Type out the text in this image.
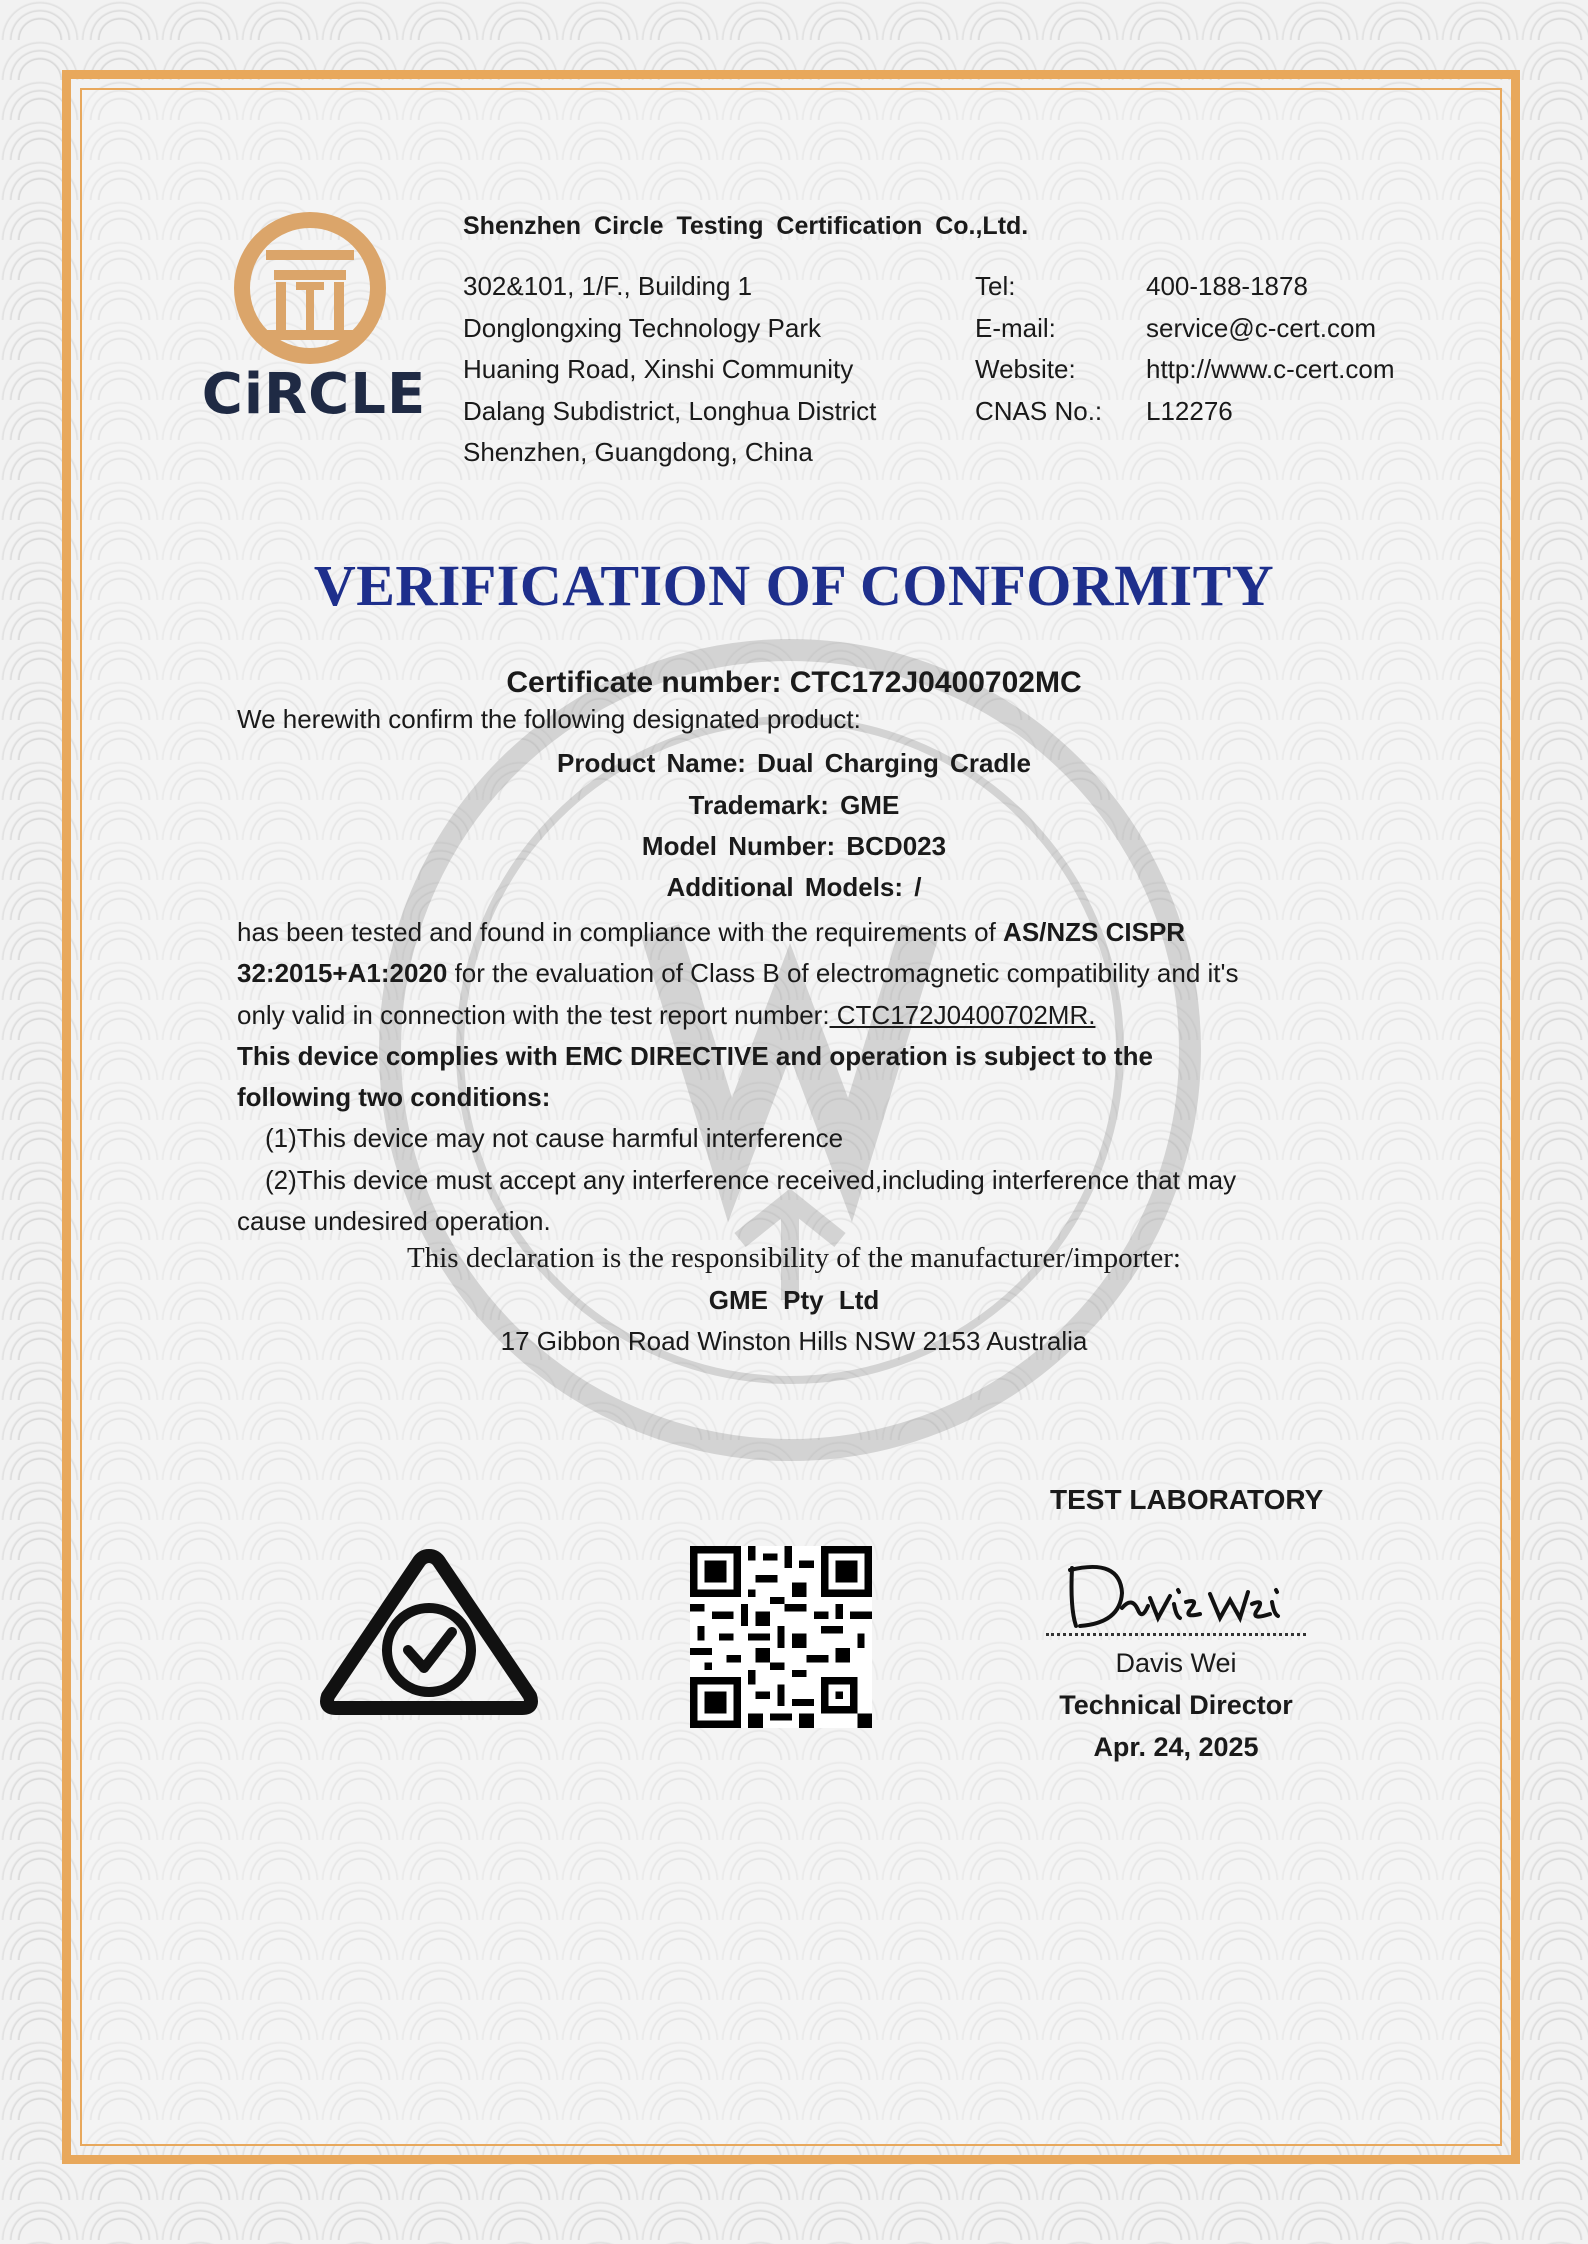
CiRCLE
Shenzhen Circle Testing Certification Co.,Ltd.
302&101, 1/F., Building 1
Donglongxing Technology Park
Huaning Road, Xinshi Community
Dalang Subdistrict, Longhua District
Shenzhen, Guangdong, China
Tel:
E-mail:
Website:
CNAS No.:
400-188-1878
service@c-cert.com
http://www.c-cert.com
L12276
VERIFICATION OF CONFORMITY
Certificate number: CTC172J0400702MC
We herewith confirm the following designated product:
Product Name: Dual Charging Cradle
Trademark: GME
Model Number: BCD023
Additional Models: /
has been tested and found in compliance with the requirements of AS/NZS CISPR
32:2015+A1:2020 for the evaluation of Class B of electromagnetic compatibility and it's
only valid in connection with the test report number: CTC172J0400702MR.
This device complies with EMC DIRECTIVE and operation is subject to the
following two conditions:
(1)This device may not cause harmful interference
(2)This device must accept any interference received,including interference that may
cause undesired operation.
This declaration is the responsibility of the manufacturer/importer:
GME Pty Ltd
17 Gibbon Road Winston Hills NSW 2153 Australia
TEST LABORATORY
Davis Wei
Technical Director
Apr. 24, 2025
